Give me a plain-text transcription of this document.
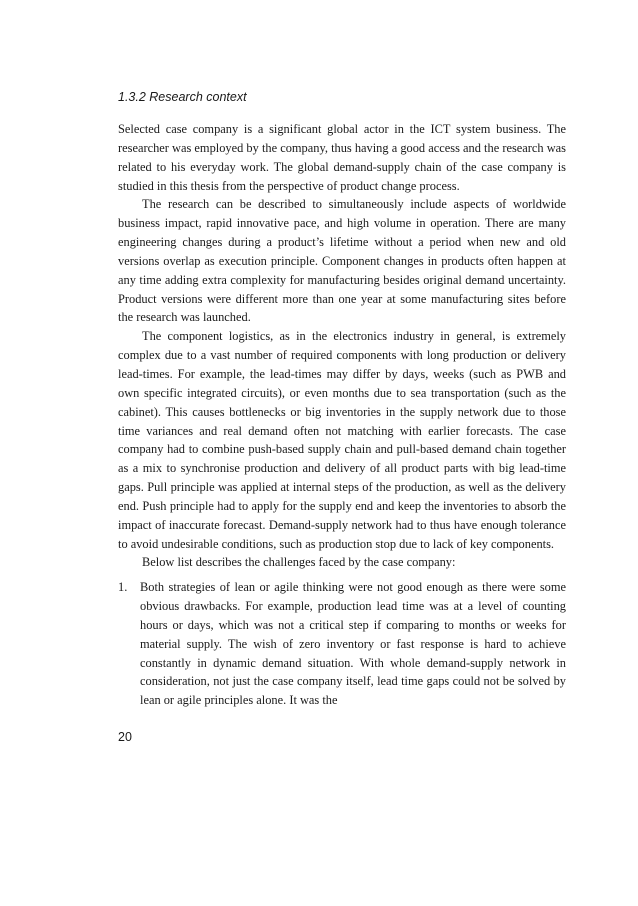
1.3.2 Research context

Selected case company is a significant global actor in the ICT system business. The researcher was employed by the company, thus having a good access and the research was related to his everyday work. The global demand-supply chain of the case company is studied in this thesis from the perspective of product change process.

The research can be described to simultaneously include aspects of worldwide business impact, rapid innovative pace, and high volume in operation. There are many engineering changes during a product’s lifetime without a period when new and old versions overlap as execution principle. Component changes in products often happen at any time adding extra complexity for manufacturing besides original demand uncertainty. Product versions were different more than one year at some manufacturing sites before the research was launched.

The component logistics, as in the electronics industry in general, is extremely complex due to a vast number of required components with long production or delivery lead-times. For example, the lead-times may differ by days, weeks (such as PWB and own specific integrated circuits), or even months due to sea transportation (such as the cabinet). This causes bottlenecks or big inventories in the supply network due to those time variances and real demand often not matching with earlier forecasts. The case company had to combine push-based supply chain and pull-based demand chain together as a mix to synchronise production and delivery of all product parts with big lead-time gaps. Pull principle was applied at internal steps of the production, as well as the delivery end. Push principle had to apply for the supply end and keep the inventories to absorb the impact of inaccurate forecast. Demand-supply network had to thus have enough tolerance to avoid undesirable conditions, such as production stop due to lack of key components.

Below list describes the challenges faced by the case company:

1. Both strategies of lean or agile thinking were not good enough as there were some obvious drawbacks. For example, production lead time was at a level of counting hours or days, which was not a critical step if comparing to months or weeks for material supply. The wish of zero inventory or fast response is hard to achieve constantly in dynamic demand situation. With whole demand-supply network in consideration, not just the case company itself, lead time gaps could not be solved by lean or agile principles alone. It was the

20
